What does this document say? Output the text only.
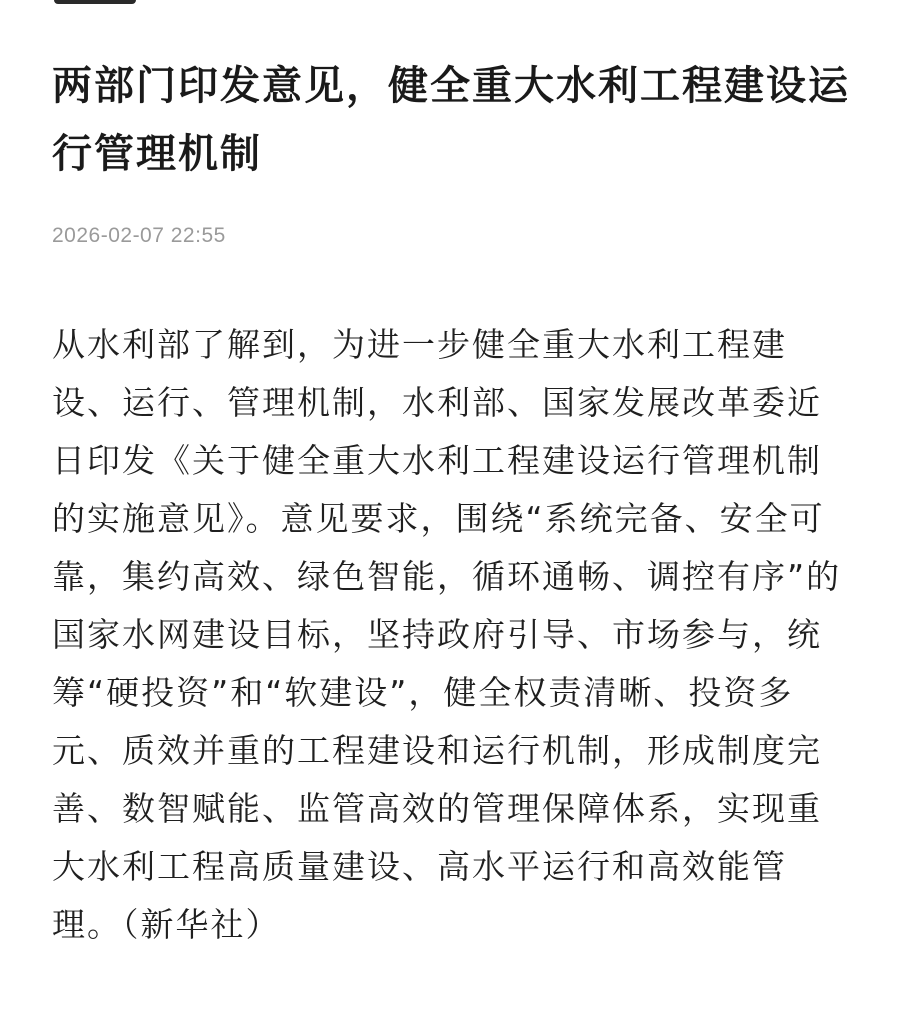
两部门印发意见，健全重大水利工程建设运行管理机制
2026-02-07 22:55
从水利部了解到，为进一步健全重大水利工程建设、运行、管理机制，水利部、国家发展改革委近日印发《关于健全重大水利工程建设运行管理机制的实施意见》。意见要求，围绕“系统完备、安全可靠，集约高效、绿色智能，循环通畅、调控有序”的国家水网建设目标，坚持政府引导、市场参与，统筹“硬投资”和“软建设”，健全权责清晰、投资多元、质效并重的工程建设和运行机制，形成制度完善、数智赋能、监管高效的管理保障体系，实现重大水利工程高质量建设、高水平运行和高效能管理。（新华社）
